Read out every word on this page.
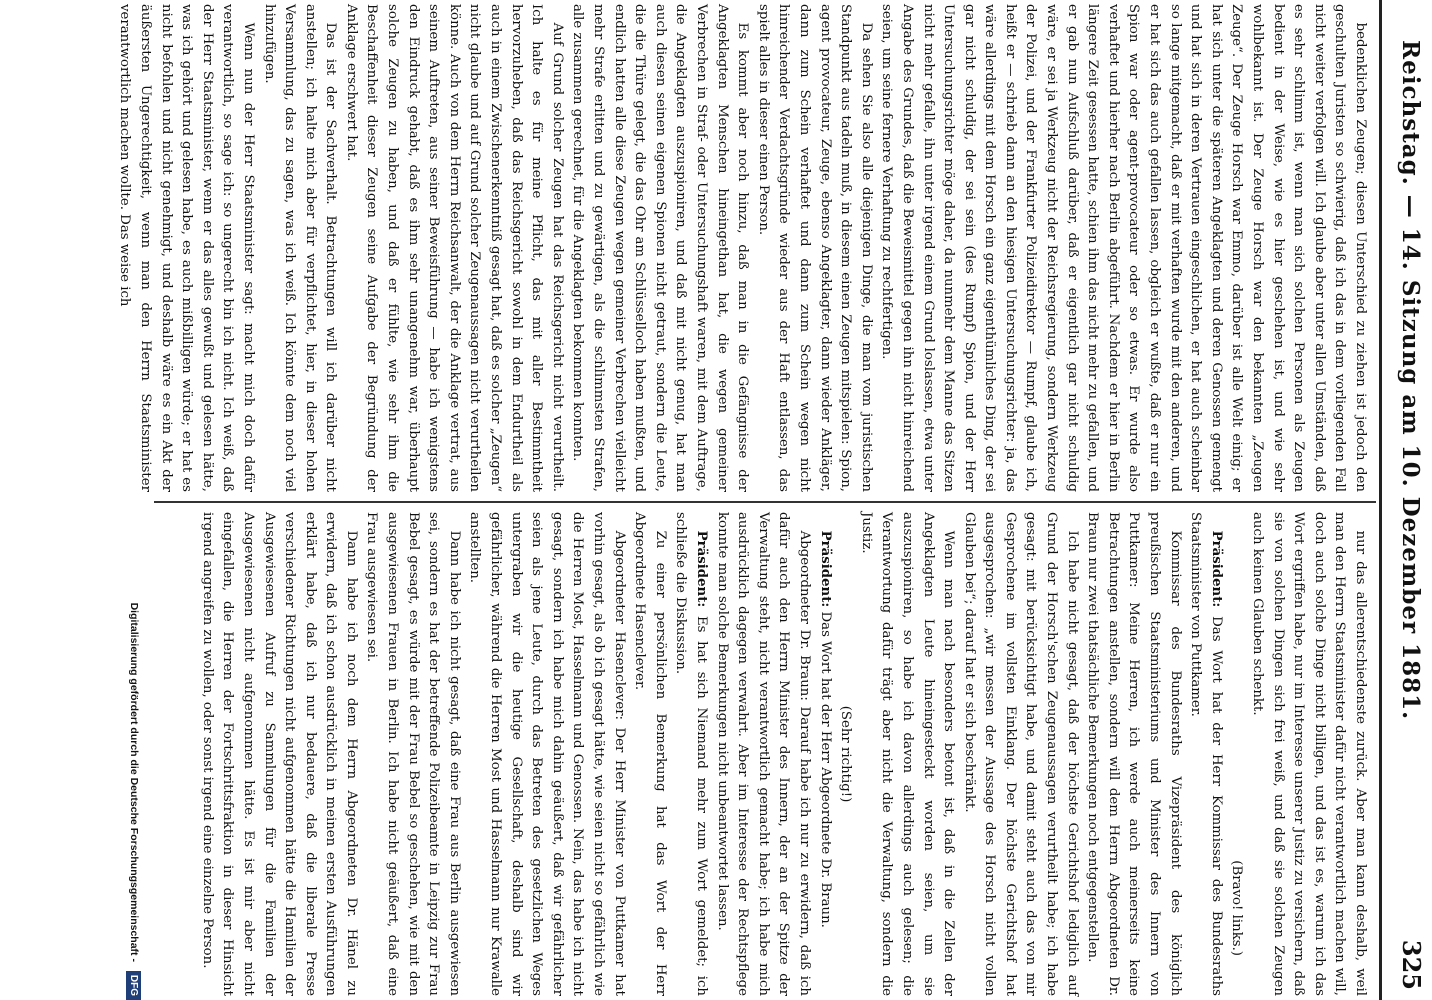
Reichstag. — 14. Sitzung am 10. Dezember 1881.
325

bedenklichen Zeugen; diesen Unterschied zu ziehen ist jedoch den geschulten Juristen so schwierig, daß ich das in dem vorliegenden Fall nicht weiter verfolgen will. Ich glaube aber unter allen Umständen, daß es sehr schlimm ist, wenn man sich solchen Personen als Zeugen bedient in der Weise, wie es hier geschehen ist, und wie sehr wohlbekannt ist. Der Zeuge Horsch war den bekannten „Zeugen Zeuge“. Der Zeuge Horsch war Emmo, darüber ist alle Welt einig; er hat sich unter die späteren Angeklagten und deren Genossen gemengt und hat sich in deren Vertrauen eingeschlichen, er hat auch scheinbar so lange mitgemacht, daß er mit verhaften wurde mit den anderen, und er hat sich das auch gefallen lassen, obgleich er wußte, daß er nur ein Spion war oder agent-provocateur oder so etwas. Er wurde also verhaftet und hierher nach Berlin abgeführt. Nachdem er hier in Berlin längere Zeit gesessen hatte, schien ihm das nicht mehr zu gefallen, und er gab nun Aufschluß darüber, daß er eigentlich gar nicht schuldig wäre, er sei ja Werkzeug nicht der Reichsregierung, sondern Werkzeug der Polizei, und der Frankfurter Polizeidirektor — Rumpf, glaube ich, heißt er — schrieb dann an den hiesigen Untersuchungsrichter: ja, das wäre allerdings mit dem Horsch ein ganz eigenthümliches Ding, der sei gar nicht schuldig, der sei sein (des Rumpf) Spion, und der Herr Untersuchungsrichter möge daher, da nunmehr dem Manne das Sitzen nicht mehr gefalle, ihn unter irgend einem Grund loslassen, etwa unter Angabe des Grundes, daß die Beweismittel gegen ihn nicht hinreichend seien, um seine fernere Verhaftung zu rechtfertigen.

Da sehen Sie also alle diejenigen Dinge, die man vom juristischen Standpunkt aus tadeln muß, in diesem einen Zeugen mitspielen: Spion, agent provocateur, Zeuge, ebenso Angeklagter, dann wieder Ankläger, dann zum Schein verhaftet und dann zum Schein wegen nicht hinreichender Verdachtsgründe wieder aus der Haft entlassen, das spielt alles in dieser einen Person.

Es kommt aber noch hinzu, daß man in die Gefängnisse der Angeklagten Menschen hineingethan hat, die wegen gemeiner Verbrechen in Straf- oder Untersuchungshaft waren, mit dem Auftrage, die Angeklagten auszuspioniren, und daß mit nicht genug, hat man auch diesen seinen eigenen Spionen nicht getraut, sondern die Leute, die die Thüre gelegt, die das Ohr am Schlüsselloch haben mußten, und endlich hatten alle diese Zeugen wegen gemeiner Verbrechen vielleicht mehr Strafe erlitten und zu gewärtigen, als die schlimmsten Strafen, alle zusammen gerechnet, für die Angeklagten bekommen konnten.

Auf Grund solcher Zeugen hat das Reichsgericht nicht verurtheilt. Ich halte es für meine Pflicht, das mit aller Bestimmtheit hervorzuheben, daß das Reichsgericht sowohl in dem Endurtheil als auch in einem Zwischenerkenntniß gesagt hat, daß es solcher „Zeugen“ nicht glaube und auf Grund solcher Zeugenaussagen nicht verurtheilen könne. Auch von dem Herrn Reichsanwalt, der die Anklage vertrat, aus seinem Auftreten, aus seiner Beweisführung — habe ich wenigstens den Eindruck gehabt, daß es ihm sehr unangenehm war, überhaupt solche Zeugen zu haben, und daß er fühlte, wie sehr ihm die Beschaffenheit dieser Zeugen seine Aufgabe der Begründung der Anklage erschwert hat.

Das ist der Sachverhalt. Betrachtungen will ich darüber nicht anstellen; ich halte mich aber für verpflichtet, hier, in dieser hohen Versammlung, das zu sagen, was ich weiß. Ich könnte dem noch viel hinzufügen.

Wenn nun der Herr Staatsminister sagt: macht mich doch dafür verantwortlich, so sage ich: so ungerecht bin ich nicht. Ich weiß, daß der Herr Staatsminister, wenn er das alles gewußt und gelesen hätte, was ich gehört und gelesen habe, es auch mißbilligen würde; er hat es nicht befohlen und nicht genehmigt, und deshalb wäre es ein Akt der äußersten Ungerechtigkeit, wenn man den Herrn Staatsminister verantwortlich machen wollte. Das weise ich

nur das allerentschiedenste zurück. Aber man kann deshalb, weil man den Herrn Staatsminister dafür nicht verantwortlich machen will, doch auch solche Dinge nicht billigen, und das ist es, warum ich das Wort ergriffen habe, nur im Interesse unserer Justiz zu versichern, daß sie von solchen Dingen sich frei weiß, und daß sie solchen Zeugen auch keinen Glauben schenkt.

(Bravo! links.)

Präsident: Das Wort hat der Herr Kommissar des Bundesraths Staatsminister von Puttkamer.

Kommissar des Bundesraths Vizepräsident des königlich preußischen Staatsministeriums und Minister des Innern von Puttkamer: Meine Herren, ich werde auch meinerseits keine Betrachtungen anstellen, sondern will dem Herrn Abgeordneten Dr. Braun nur zwei thatsächliche Bemerkungen noch entgegenstellen.

Ich habe nicht gesagt, daß der höchste Gerichtshof lediglich auf Grund der Horsch'schen Zeugenaussagen verurtheilt habe; ich habe gesagt: mit berücksichtigt habe, und damit steht auch das von mir Gesprochene im vollsten Einklang. Der höchste Gerichtshof hat ausgesprochen: „wir messen der Aussage des Horsch nicht vollen Glauben bei“; darauf hat er sich beschränkt.

Wenn man nach besonders betont ist, daß in die Zellen der Angeklagten Leute hineingesteckt worden seien, um sie auszuspioniren, so habe ich davon allerdings auch gelesen; die Verantwortung dafür trägt aber nicht die Verwaltung, sondern die Justiz.

(Sehr richtig!)

Präsident: Das Wort hat der Herr Abgeordnete Dr. Braun.

Abgeordneter Dr. Braun: Darauf habe ich nur zu erwidern, daß ich dafür auch den Herrn Minister des Innern, der an der Spitze der Verwaltung steht, nicht verantwortlich gemacht habe; ich habe mich ausdrücklich dagegen verwahrt. Aber im Interesse der Rechtspflege konnte man solche Bemerkungen nicht unbeantwortet lassen.

Präsident: Es hat sich Niemand mehr zum Wort gemeldet; ich schließe die Diskussion.

Zu einer persönlichen Bemerkung hat das Wort der Herr Abgeordnete Hasenclever.

Abgeordneter Hasenclever: Der Herr Minister von Puttkamer hat vorhin gesagt, als ob ich gesagt hätte, wie seien nicht so gefährlich wie die Herren Most, Hasselmann und Genossen. Nein, das habe ich nicht gesagt, sondern ich habe mich dahin geäußert, daß wir gefährlicher seien als jene Leute, durch das Betreten des gesetzlichen Weges untergraben wir die heutige Gesellschaft, deshalb sind wir gefährlicher, während die Herren Most und Hasselmann nur Krawalle anstellten.

Dann habe ich nicht gesagt, daß eine Frau aus Berlin ausgewiesen sei, sondern es hat der betreffende Polizeibeamte in Leipzig zur Frau Bebel gesagt, es würde mit der Frau Bebel so geschehen, wie mit den ausgewiesenen Frauen in Berlin. Ich habe nicht geäußert, daß eine Frau ausgewiesen sei.

Dann habe ich noch dem Herrn Abgeordneten Dr. Hänel zu erwidern, daß ich schon ausdrücklich in meinen ersten Ausführungen erklärt habe, daß ich nur bedauere, daß die liberale Presse verschiedener Richtungen nicht aufgenommen hätte die Hamilien der Ausgewiesenen Aufruf zu Sammlungen für die Familien der Ausgewiesenen nicht aufgenommen hätte. Es ist mir aber nicht eingefallen, die Herren der Fortschrittsfraktion in dieser Hinsicht irgend angreifen zu wollen, oder sonst irgend eine einzelne Person.

Digitalisierung gefördert durch die Deutsche Forschungsgemeinschaft - DFG
